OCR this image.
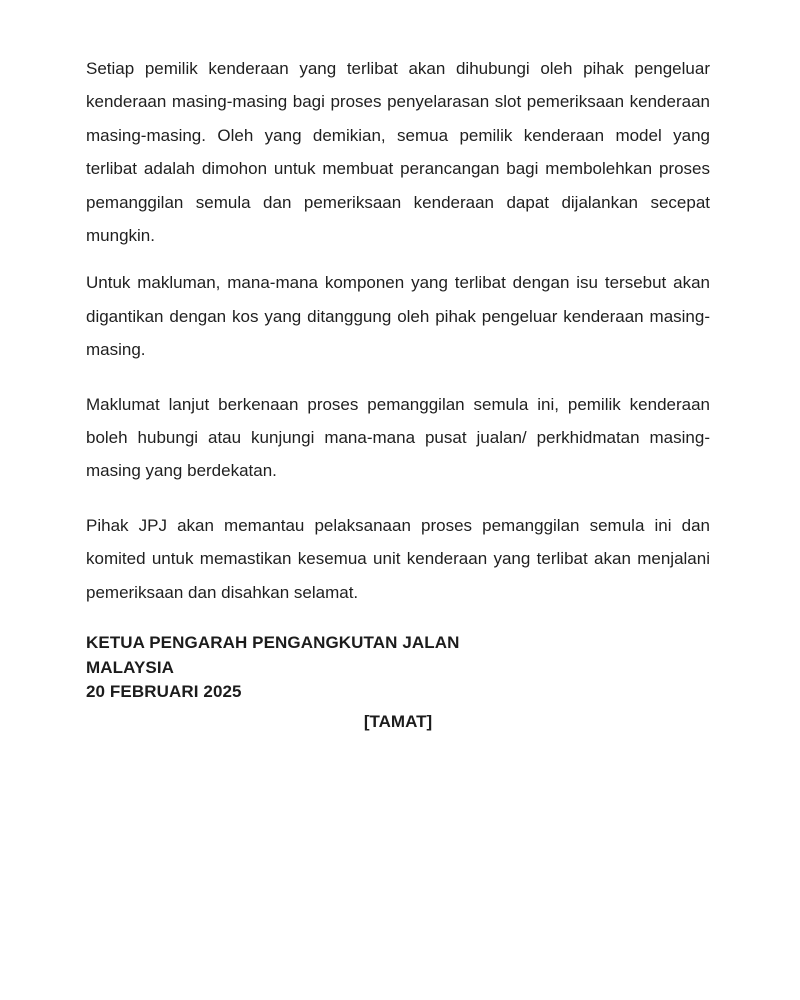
Setiap pemilik kenderaan yang terlibat akan dihubungi oleh pihak pengeluar kenderaan masing-masing bagi proses penyelarasan slot pemeriksaan kenderaan masing-masing. Oleh yang demikian, semua pemilik kenderaan model yang terlibat adalah dimohon untuk membuat perancangan bagi membolehkan proses pemanggilan semula dan pemeriksaan kenderaan dapat dijalankan secepat mungkin.

Untuk makluman, mana-mana komponen yang terlibat dengan isu tersebut akan digantikan dengan kos yang ditanggung oleh pihak pengeluar kenderaan masing-masing.

Maklumat lanjut berkenaan proses pemanggilan semula ini, pemilik kenderaan boleh hubungi atau kunjungi mana-mana pusat jualan/ perkhidmatan masing-masing yang berdekatan.

Pihak JPJ akan memantau pelaksanaan proses pemanggilan semula ini dan komited untuk memastikan kesemua unit kenderaan yang terlibat akan menjalani pemeriksaan dan disahkan selamat.

KETUA PENGARAH PENGANGKUTAN JALAN
MALAYSIA
20 FEBRUARI 2025
[TAMAT]
